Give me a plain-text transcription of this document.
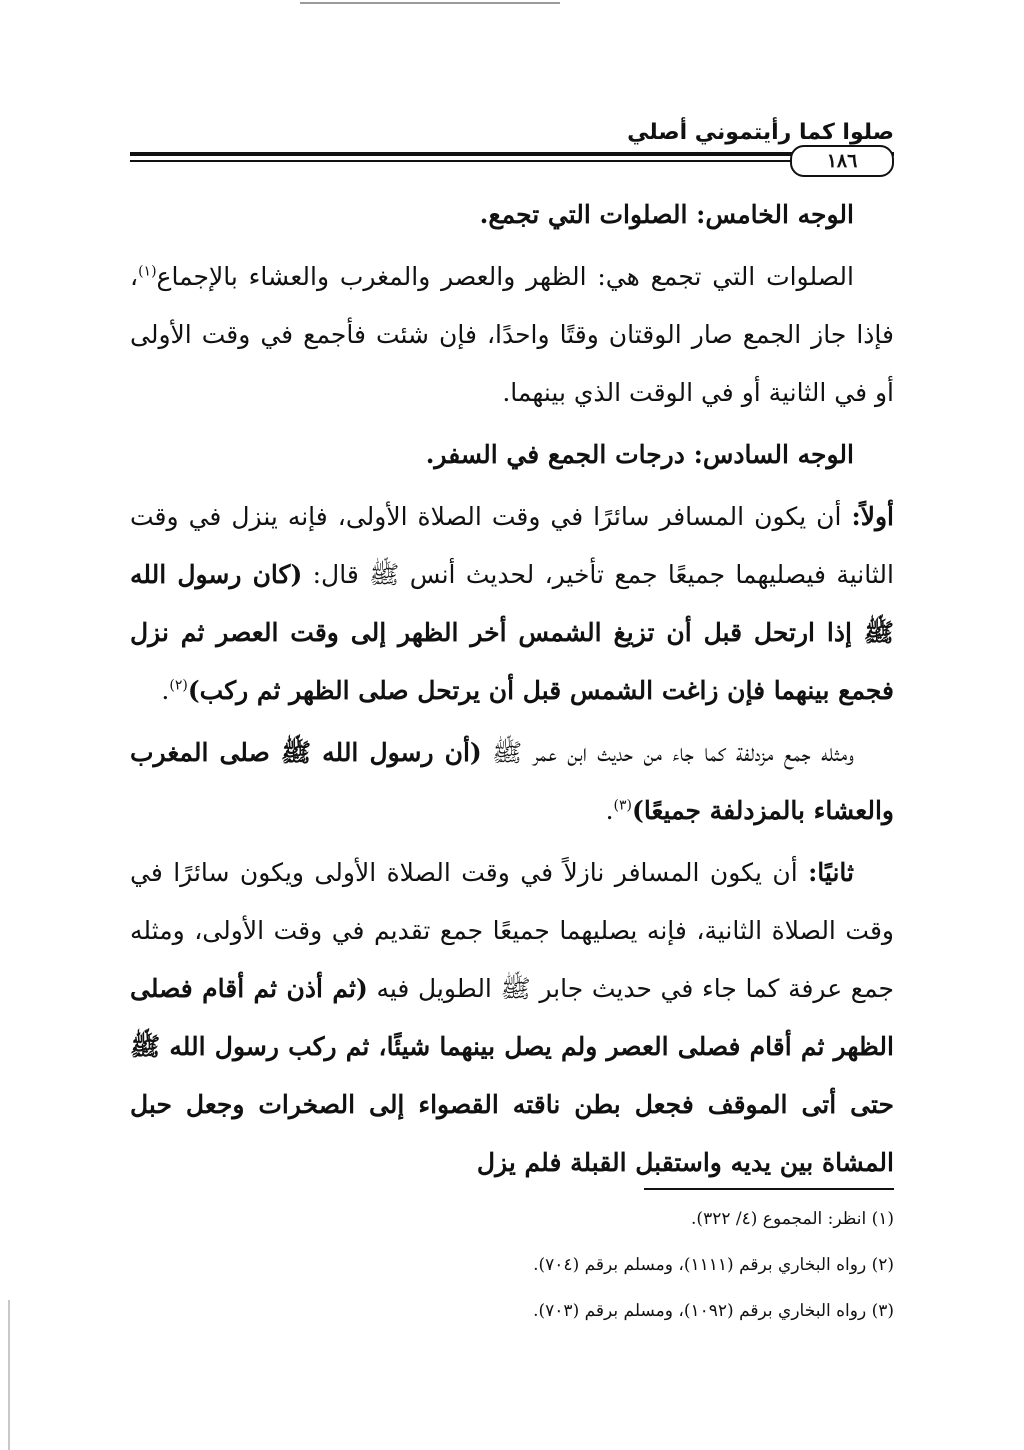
صلوا كما رأيتموني أصلي
١٨٦

الوجه الخامس: الصلوات التي تجمع.

الصلوات التي تجمع هي: الظهر والعصر والمغرب والعشاء بالإجماع$^{(١)}$، فإذا جاز الجمع صار الوقتان وقتًا واحدًا، فإن شئت فأجمع في وقت الأولى أو في الثانية أو في الوقت الذي بينهما.

الوجه السادس: درجات الجمع في السفر.

أولاً: أن يكون المسافر سائرًا في وقت الصلاة الأولى، فإنه ينزل في وقت الثانية فيصليهما جميعًا جمع تأخير، لحديث أنس ﷺ قال: (كان رسول الله ﷺ إذا ارتحل قبل أن تزيغ الشمس أخر الظهر إلى وقت العصر ثم نزل فجمع بينهما فإن زاغت الشمس قبل أن يرتحل صلى الظهر ثم ركب)$^{(٢)}$.

ومثله جمع مزدلفة كما جاء من حديث ابن عمر ﷺ (أن رسول الله ﷺ صلى المغرب والعشاء بالمزدلفة جميعًا)$^{(٣)}$.

ثانيًا: أن يكون المسافر نازلاً في وقت الصلاة الأولى ويكون سائرًا في وقت الصلاة الثانية، فإنه يصليهما جميعًا جمع تقديم في وقت الأولى، ومثله جمع عرفة كما جاء في حديث جابر ﷺ الطويل فيه (ثم أذن ثم أقام فصلى الظهر ثم أقام فصلى العصر ولم يصل بينهما شيئًا، ثم ركب رسول الله ﷺ حتى أتى الموقف فجعل بطن ناقته القصواء إلى الصخرات وجعل حبل المشاة بين يديه واستقبل القبلة فلم يزل

(١) انظر: المجموع (٤/ ٣٢٢).

(٢) رواه البخاري برقم (١١١١)، ومسلم برقم (٧٠٤).

(٣) رواه البخاري برقم (١٠٩٢)، ومسلم برقم (٧٠٣).
